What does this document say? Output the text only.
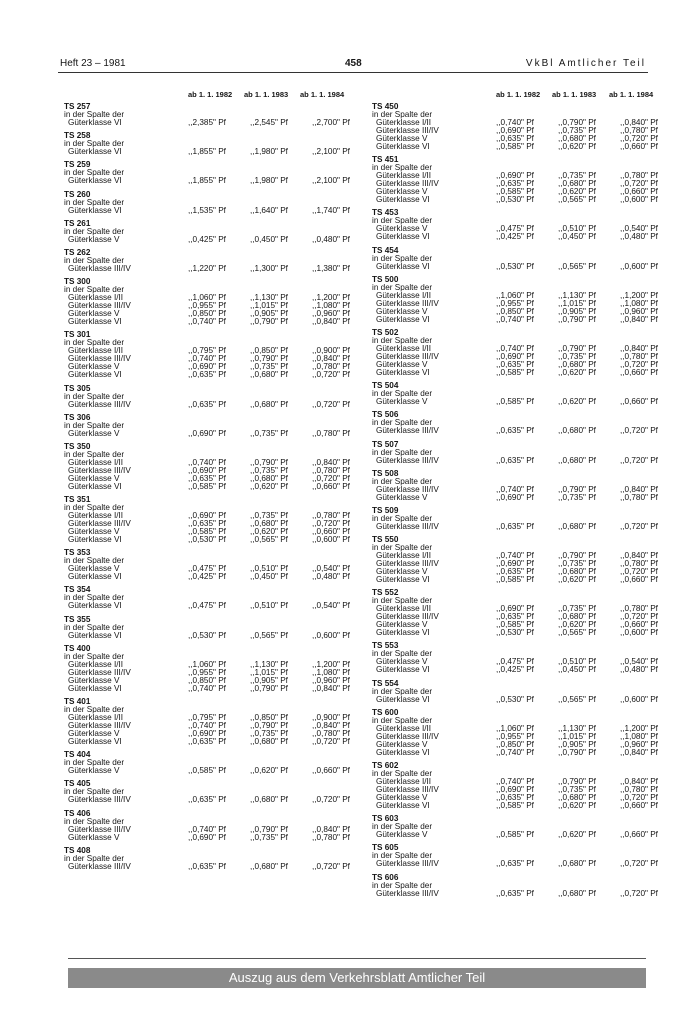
Heft 23 – 1981	458	VkBl Amtlicher Teil
ab 1. 1. 1982 ab 1. 1. 1983 ab 1. 1. 1984	ab 1. 1. 1982 ab 1. 1. 1983 ab 1. 1. 1984
TS 257
in der Spalte der
Güterklasse VI	,,2,385" Pf	,,2,545" Pf	,,2,700" Pf
TS 258
in der Spalte der
Güterklasse VI	,,1,855" Pf	,,1,980" Pf	,,2,100" Pf
TS 259
in der Spalte der
Güterklasse VI	,,1,855" Pf	,,1,980" Pf	,,2,100" Pf
TS 260
in der Spalte der
Güterklasse VI	,,1,535" Pf	,,1,640" Pf	,,1,740" Pf
TS 261
in der Spalte der
Güterklasse V	,,0,425" Pf	,,0,450" Pf	,,0,480" Pf
TS 262
in der Spalte der
Güterklasse III/IV	,,1,220" Pf	,,1,300" Pf	,,1,380" Pf
TS 300
in der Spalte der
Güterklasse I/II	,,1,060" Pf	,,1,130" Pf	,,1,200" Pf
Güterklasse III/IV	,,0,955" Pf	,,1,015" Pf	,,1,080" Pf
Güterklasse V	,,0,850" Pf	,,0,905" Pf	,,0,960" Pf
Güterklasse VI	,,0,740" Pf	,,0,790" Pf	,,0,840" Pf
TS 301
in der Spalte der
Güterklasse I/II	,,0,795" Pf	,,0,850" Pf	,,0,900" Pf
Güterklasse III/IV	,,0,740" Pf	,,0,790" Pf	,,0,840" Pf
Güterklasse V	,,0,690" Pf	,,0,735" Pf	,,0,780" Pf
Güterklasse VI	,,0,635" Pf	,,0,680" Pf	,,0,720" Pf
TS 305
in der Spalte der
Güterklasse III/IV	,,0,635" Pf	,,0,680" Pf	,,0,720" Pf
TS 306
in der Spalte der
Güterklasse V	,,0,690" Pf	,,0,735" Pf	,,0,780" Pf
TS 350
in der Spalte der
Güterklasse I/II	,,0,740" Pf	,,0,790" Pf	,,0,840" Pf
Güterklasse III/IV	,,0,690" Pf	,,0,735" Pf	,,0,780" Pf
Güterklasse V	,,0,635" Pf	,,0,680" Pf	,,0,720" Pf
Güterklasse VI	,,0,585" Pf	,,0,620" Pf	,,0,660" Pf
TS 351
in der Spalte der
Güterklasse I/II	,,0,690" Pf	,,0,735" Pf	,,0,780" Pf
Güterklasse III/IV	,,0,635" Pf	,,0,680" Pf	,,0,720" Pf
Güterklasse V	,,0,585" Pf	,,0,620" Pf	,,0,660" Pf
Güterklasse VI	,,0,530" Pf	,,0,565" Pf	,,0,600" Pf
TS 353
in der Spalte der
Güterklasse V	,,0,475" Pf	,,0,510" Pf	,,0,540" Pf
Güterklasse VI	,,0,425" Pf	,,0,450" Pf	,,0,480" Pf
TS 354
in der Spalte der
Güterklasse VI	,,0,475" Pf	,,0,510" Pf	,,0,540" Pf
TS 355
in der Spalte der
Güterklasse VI	,,0,530" Pf	,,0,565" Pf	,,0,600" Pf
TS 400
in der Spalte der
Güterklasse I/II	,,1,060" Pf	,,1,130" Pf	,,1,200" Pf
Güterklasse III/IV	,,0,955" Pf	,,1,015" Pf	,,1,080" Pf
Güterklasse V	,,0,850" Pf	,,0,905" Pf	,,0,960" Pf
Güterklasse VI	,,0,740" Pf	,,0,790" Pf	,,0,840" Pf
TS 401
in der Spalte der
Güterklasse I/II	,,0,795" Pf	,,0,850" Pf	,,0,900" Pf
Güterklasse III/IV	,,0,740" Pf	,,0,790" Pf	,,0,840" Pf
Güterklasse V	,,0,690" Pf	,,0,735" Pf	,,0,780" Pf
Güterklasse VI	,,0,635" Pf	,,0,680" Pf	,,0,720" Pf
TS 404
in der Spalte der
Güterklasse V	,,0,585" Pf	,,0,620" Pf	,,0,660" Pf
TS 405
in der Spalte der
Güterklasse III/IV	,,0,635" Pf	,,0,680" Pf	,,0,720" Pf
TS 406
in der Spalte der
Güterklasse III/IV	,,0,740" Pf	,,0,790" Pf	,,0,840" Pf
Güterklasse V	,,0,690" Pf	,,0,735" Pf	,,0,780" Pf
TS 408
in der Spalte der
Güterklasse III/IV	,,0,635" Pf	,,0,680" Pf	,,0,720" Pf
TS 450
in der Spalte der
Güterklasse I/II	,,0,740" Pf	,,0,790" Pf	,,0,840" Pf
Güterklasse III/IV	,,0,690" Pf	,,0,735" Pf	,,0,780" Pf
Güterklasse V	,,0,635" Pf	,,0,680" Pf	,,0,720" Pf
Güterklasse VI	,,0,585" Pf	,,0,620" Pf	,,0,660" Pf
TS 451
in der Spalte der
Güterklasse I/II	,,0,690" Pf	,,0,735" Pf	,,0,780" Pf
Güterklasse III/IV	,,0,635" Pf	,,0,680" Pf	,,0,720" Pf
Güterklasse V	,,0,585" Pf	,,0,620" Pf	,,0,660" Pf
Güterklasse VI	,,0,530" Pf	,,0,565" Pf	,,0,600" Pf
TS 453
in der Spalte der
Güterklasse V	,,0,475" Pf	,,0,510" Pf	,,0,540" Pf
Güterklasse VI	,,0,425" Pf	,,0,450" Pf	,,0,480" Pf
TS 454
in der Spalte der
Güterklasse VI	,,0,530" Pf	,,0,565" Pf	,,0,600" Pf
TS 500
in der Spalte der
Güterklasse I/II	,,1,060" Pf	,,1,130" Pf	,,1,200" Pf
Güterklasse III/IV	,,0,955" Pf	,,1,015" Pf	,,1,080" Pf
Güterklasse V	,,0,850" Pf	,,0,905" Pf	,,0,960" Pf
Güterklasse VI	,,0,740" Pf	,,0,790" Pf	,,0,840" Pf
TS 502
in der Spalte der
Güterklasse I/II	,,0,740" Pf	,,0,790" Pf	,,0,840" Pf
Güterklasse III/IV	,,0,690" Pf	,,0,735" Pf	,,0,780" Pf
Güterklasse V	,,0,635" Pf	,,0,680" Pf	,,0,720" Pf
Güterklasse VI	,,0,585" Pf	,,0,620" Pf	,,0,660" Pf
TS 504
in der Spalte der
Güterklasse V	,,0,585" Pf	,,0,620" Pf	,,0,660" Pf
TS 506
in der Spalte der
Güterklasse III/IV	,,0,635" Pf	,,0,680" Pf	,,0,720" Pf
TS 507
in der Spalte der
Güterklasse III/IV	,,0,635" Pf	,,0,680" Pf	,,0,720" Pf
TS 508
in der Spalte der
Güterklasse III/IV	,,0,740" Pf	,,0,790" Pf	,,0,840" Pf
Güterklasse V	,,0,690" Pf	,,0,735" Pf	,,0,780" Pf
TS 509
in der Spalte der
Güterklasse III/IV	,,0,635" Pf	,,0,680" Pf	,,0,720" Pf
TS 550
in der Spalte der
Güterklasse I/II	,,0,740" Pf	,,0,790" Pf	,,0,840" Pf
Güterklasse III/IV	,,0,690" Pf	,,0,735" Pf	,,0,780" Pf
Güterklasse V	,,0,635" Pf	,,0,680" Pf	,,0,720" Pf
Güterklasse VI	,,0,585" Pf	,,0,620" Pf	,,0,660" Pf
TS 552
in der Spalte der
Güterklasse I/II	,,0,690" Pf	,,0,735" Pf	,,0,780" Pf
Güterklasse III/IV	,,0,635" Pf	,,0,680" Pf	,,0,720" Pf
Güterklasse V	,,0,585" Pf	,,0,620" Pf	,,0,660" Pf
Güterklasse VI	,,0,530" Pf	,,0,565" Pf	,,0,600" Pf
TS 553
in der Spalte der
Güterklasse V	,,0,475" Pf	,,0,510" Pf	,,0,540" Pf
Güterklasse VI	,,0,425" Pf	,,0,450" Pf	,,0,480" Pf
TS 554
in der Spalte der
Güterklasse VI	,,0,530" Pf	,,0,565" Pf	,,0,600" Pf
TS 600
in der Spalte der
Güterklasse I/II	,,1,060" Pf	,,1,130" Pf	,,1,200" Pf
Güterklasse III/IV	,,0,955" Pf	,,1,015" Pf	,,1,080" Pf
Güterklasse V	,,0,850" Pf	,,0,905" Pf	,,0,960" Pf
Güterklasse VI	,,0,740" Pf	,,0,790" Pf	,,0,840" Pf
TS 602
in der Spalte der
Güterklasse I/II	,,0,740" Pf	,,0,790" Pf	,,0,840" Pf
Güterklasse III/IV	,,0,690" Pf	,,0,735" Pf	,,0,780" Pf
Güterklasse V	,,0,635" Pf	,,0,680" Pf	,,0,720" Pf
Güterklasse VI	,,0,585" Pf	,,0,620" Pf	,,0,660" Pf
TS 603
in der Spalte der
Güterklasse V	,,0,585" Pf	,,0,620" Pf	,,0,660" Pf
TS 605
in der Spalte der
Güterklasse III/IV	,,0,635" Pf	,,0,680" Pf	,,0,720" Pf
TS 606
in der Spalte der
Güterklasse III/IV	,,0,635" Pf	,,0,680" Pf	,,0,720" Pf
Auszug aus dem Verkehrsblatt Amtlicher Teil
